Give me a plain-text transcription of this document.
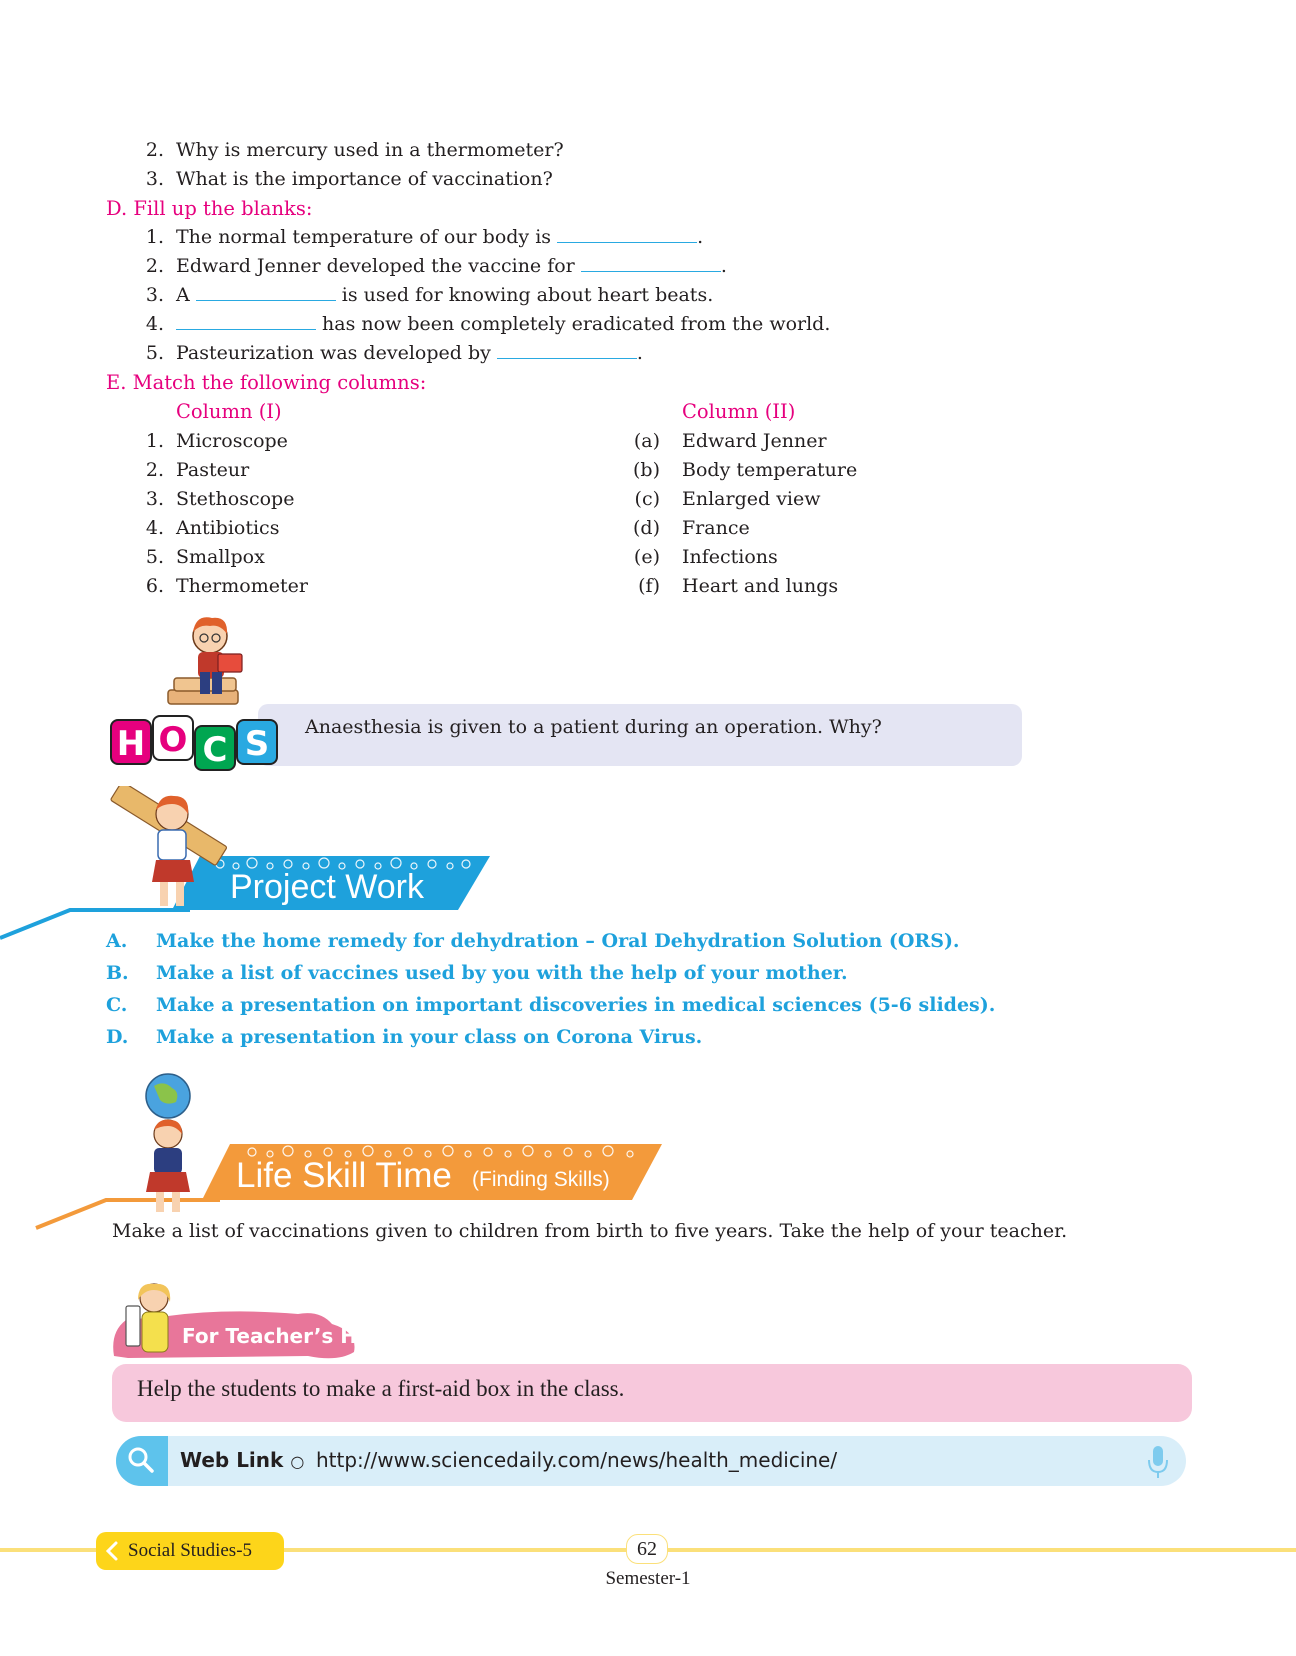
2. Why is mercury used in a thermometer?
3. What is the importance of vaccination?
D. Fill up the blanks:
1. The normal temperature of our body is	.
2. Edward Jenner developed the vaccine for	.
3. A	is used for knowing about heart beats.
4.	has now been completely eradicated from the world.
5. Pasteurization was developed by	.
E. Match the following columns:
Column (I)	Column (II)
1. Microscope	(a) Edward Jenner
2. Pasteur	(b) Body temperature
3. Stethoscope	(c) Enlarged view
4. Antibiotics	(d) France
5. Smallpox	(e) Infections
6. Thermometer	(f) Heart and lungs
H O C S	Anaesthesia is given to a patient during an operation. Why?
Project Work
A.	Make the home remedy for dehydration – Oral Dehydration Solution (ORS).
B.	Make a list of vaccines used by you with the help of your mother.
C.	Make a presentation on important discoveries in medical sciences (5-6 slides).
D.	Make a presentation in your class on Corona Virus.
Life Skill Time (Finding Skills)
Make a list of vaccinations given to children from birth to five years. Take the help of your teacher.
For Teacher’s Help
Help the students to make a first-aid box in the class.
Web Link ○ http://www.sciencedaily.com/news/health_medicine/
Social Studies-5	62
Semester-1
